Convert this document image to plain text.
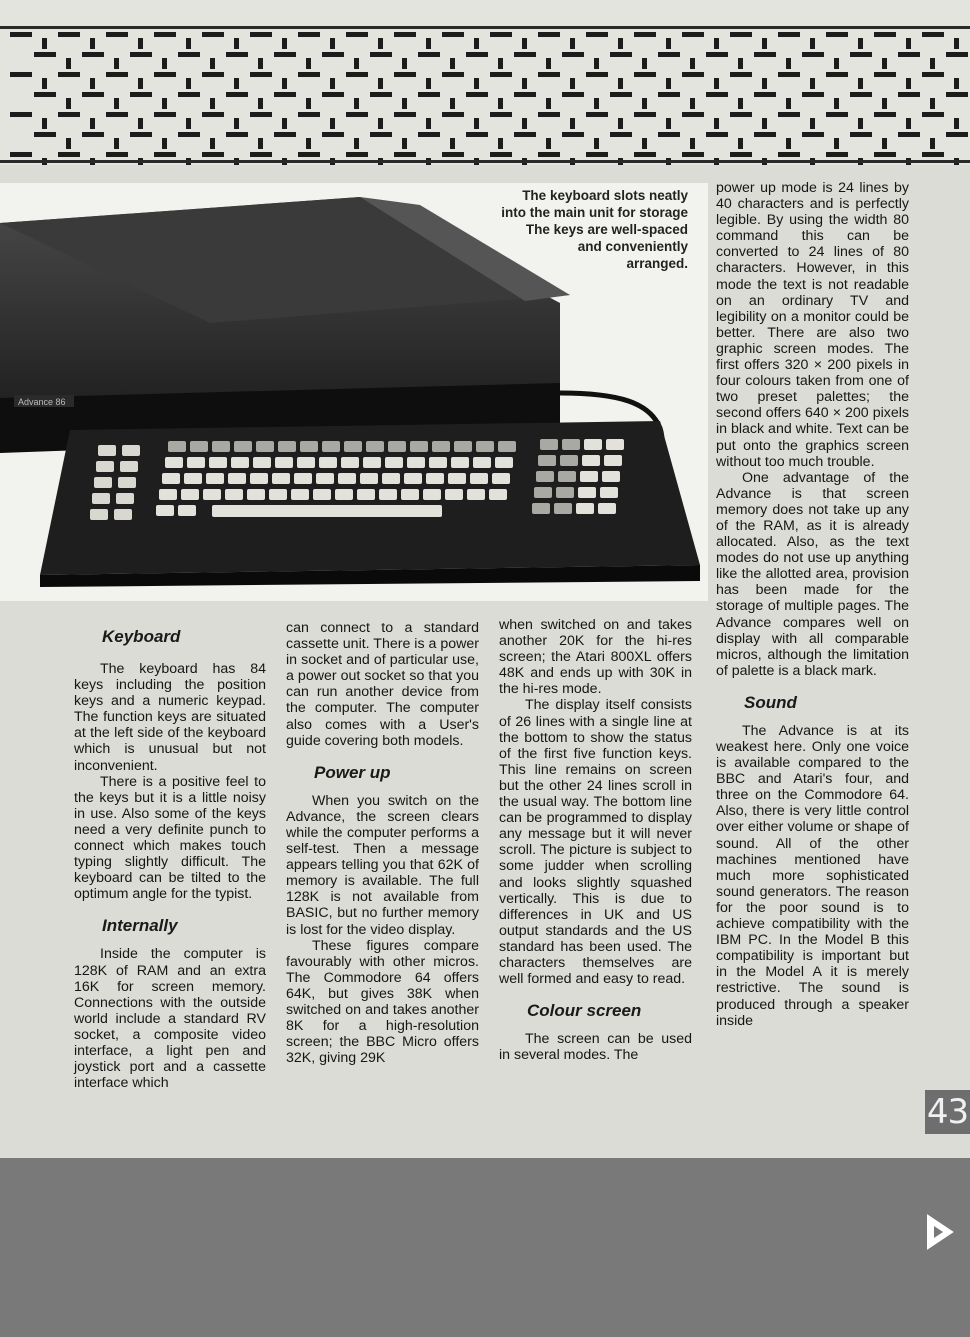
Advance 86
The keyboard slots neatly
into the main unit for storage
The keys are well-spaced
and conveniently
arranged.
Keyboard

The keyboard has 84 keys including the position keys and a numeric keypad. The function keys are situated at the left side of the keyboard which is unusual but not inconvenient.

There is a positive feel to the keys but it is a little noisy in use. Also some of the keys need a very definite punch to connect which makes touch typing slightly difficult. The keyboard can be tilted to the optimum angle for the typist.

Internally

Inside the computer is 128K of RAM and an extra 16K for screen memory. Connections with the outside world include a standard RV socket, a composite video interface, a light pen and joystick port and a cassette interface which

can connect to a standard cassette unit. There is a power in socket and of particular use, a power out socket so that you can run another device from the computer. The computer also comes with a User's guide covering both models.

Power up

When you switch on the Advance, the screen clears while the computer performs a self-test. Then a message appears telling you that 62K of memory is available. The full 128K is not available from BASIC, but no further memory is lost for the video display.

These figures compare favourably with other micros. The Commodore 64 offers 64K, but gives 38K when switched on and takes another 8K for a high-resolution screen; the BBC Micro offers 32K, giving 29K

when switched on and takes another 20K for the hi-res screen; the Atari 800XL offers 48K and ends up with 30K in the hi-res mode.

The display itself consists of 26 lines with a single line at the bottom to show the status of the first five function keys. This line remains on screen but the other 24 lines scroll in the usual way. The bottom line can be programmed to display any message but it will never scroll. The picture is subject to some judder when scrolling and looks slightly squashed vertically. This is due to differences in UK and US output standards and the US standard has been used. The characters themselves are well formed and easy to read.

Colour screen

The screen can be used in several modes. The

power up mode is 24 lines by 40 characters and is perfectly legible. By using the width 80 command this can be converted to 24 lines of 80 characters. However, in this mode the text is not readable on an ordinary TV and legibility on a monitor could be better. There are also two graphic screen modes. The first offers 320 × 200 pixels in four colours taken from one of two preset palettes; the second offers 640 × 200 pixels in black and white. Text can be put onto the graphics screen without too much trouble.

One advantage of the Advance is that screen memory does not take up any of the RAM, as it is already allocated. Also, as the text modes do not use up anything like the allotted area, provision has been made for the storage of multiple pages. The Advance compares well on display with all comparable micros, although the limitation of palette is a black mark.

Sound

The Advance is at its weakest here. Only one voice is available compared to the BBC and Atari's four, and three on the Commodore 64. Also, there is very little control over either volume or shape of sound. All of the other machines mentioned have much more sophisticated sound generators. The reason for the poor sound is to achieve compatibility with the IBM PC. In the Model B this compatibility is important but in the Model A it is merely restrictive. The sound is produced through a speaker inside

43
